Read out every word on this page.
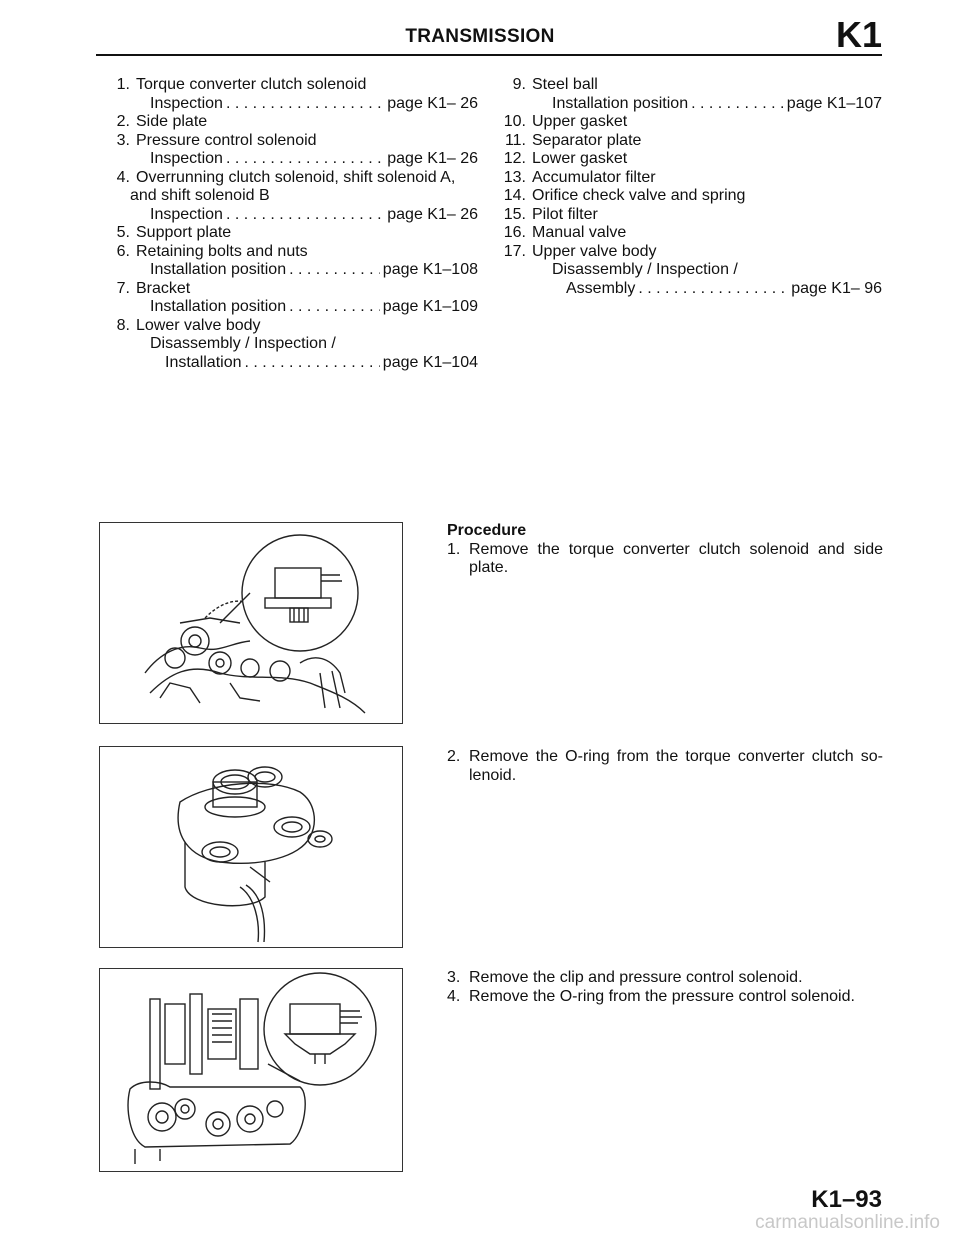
TRANSMISSION	K1
1. Torque converter clutch solenoid
Inspection . . .	page K1– 26
2. Side plate
3. Pressure control solenoid
Inspection . . .	page K1– 26
4. Overrunning clutch solenoid, shift solenoid A,
and shift solenoid B
Inspection . . .	page K1– 26
5. Support plate
6. Retaining bolts and nuts
Installation position . . .	page K1–108
7. Bracket
Installation position . . .	page K1–109
8. Lower valve body
Disassembly / Inspection /
Installation . . .	page K1–104
9. Steel ball
Installation position . . .	page K1–107
10. Upper gasket
11. Separator plate
12. Lower gasket
13. Accumulator filter
14. Orifice check valve and spring
15. Pilot filter
16. Manual valve
17. Upper valve body
Disassembly / Inspection /
Assembly . . .	page K1– 96
Procedure
1. Remove the torque converter clutch solenoid and side plate.
2. Remove the O-ring from the torque converter clutch so-lenoid.
3. Remove the clip and pressure control solenoid.
4. Remove the O-ring from the pressure control solenoid.
K1–93
carmanualsonline.info
